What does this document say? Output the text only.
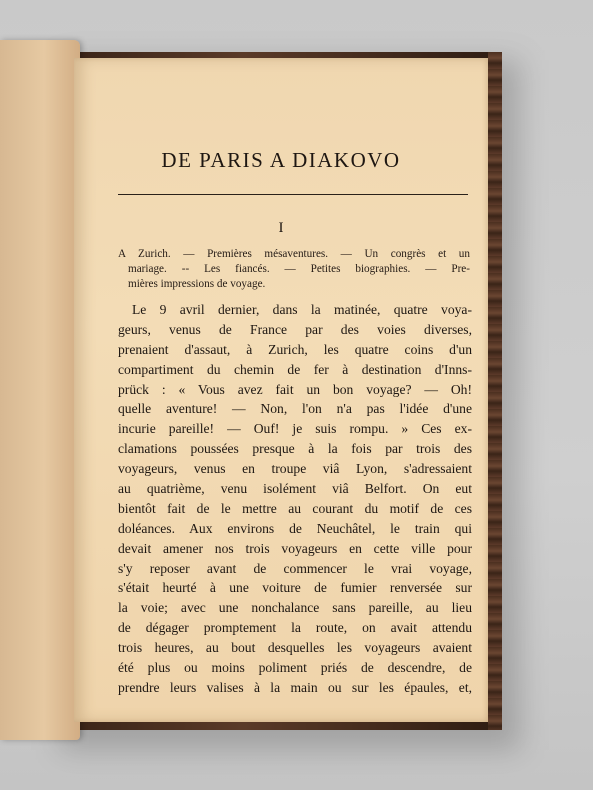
DE PARIS A DIAKOVO
I
A Zurich. — Premières mésaventures. — Un congrès et un
mariage. -- Les fiancés. — Petites biographies. — Pre-
mières impressions de voyage.
Le 9 avril dernier, dans la matinée, quatre voya-
geurs, venus de France par des voies diverses,
prenaient d'assaut, à Zurich, les quatre coins d'un
compartiment du chemin de fer à destination d'Inns-
prück : « Vous avez fait un bon voyage? — Oh!
quelle aventure! — Non, l'on n'a pas l'idée d'une
incurie pareille! — Ouf! je suis rompu. » Ces ex-
clamations poussées presque à la fois par trois des
voyageurs, venus en troupe viâ Lyon, s'adressaient
au quatrième, venu isolément viâ Belfort. On eut
bientôt fait de le mettre au courant du motif de ces
doléances. Aux environs de Neuchâtel, le train qui
devait amener nos trois voyageurs en cette ville pour
s'y reposer avant de commencer le vrai voyage,
s'était heurté à une voiture de fumier renversée sur
la voie; avec une nonchalance sans pareille, au lieu
de dégager promptement la route, on avait attendu
trois heures, au bout desquelles les voyageurs avaient
été plus ou moins poliment priés de descendre, de
prendre leurs valises à la main ou sur les épaules, et,
